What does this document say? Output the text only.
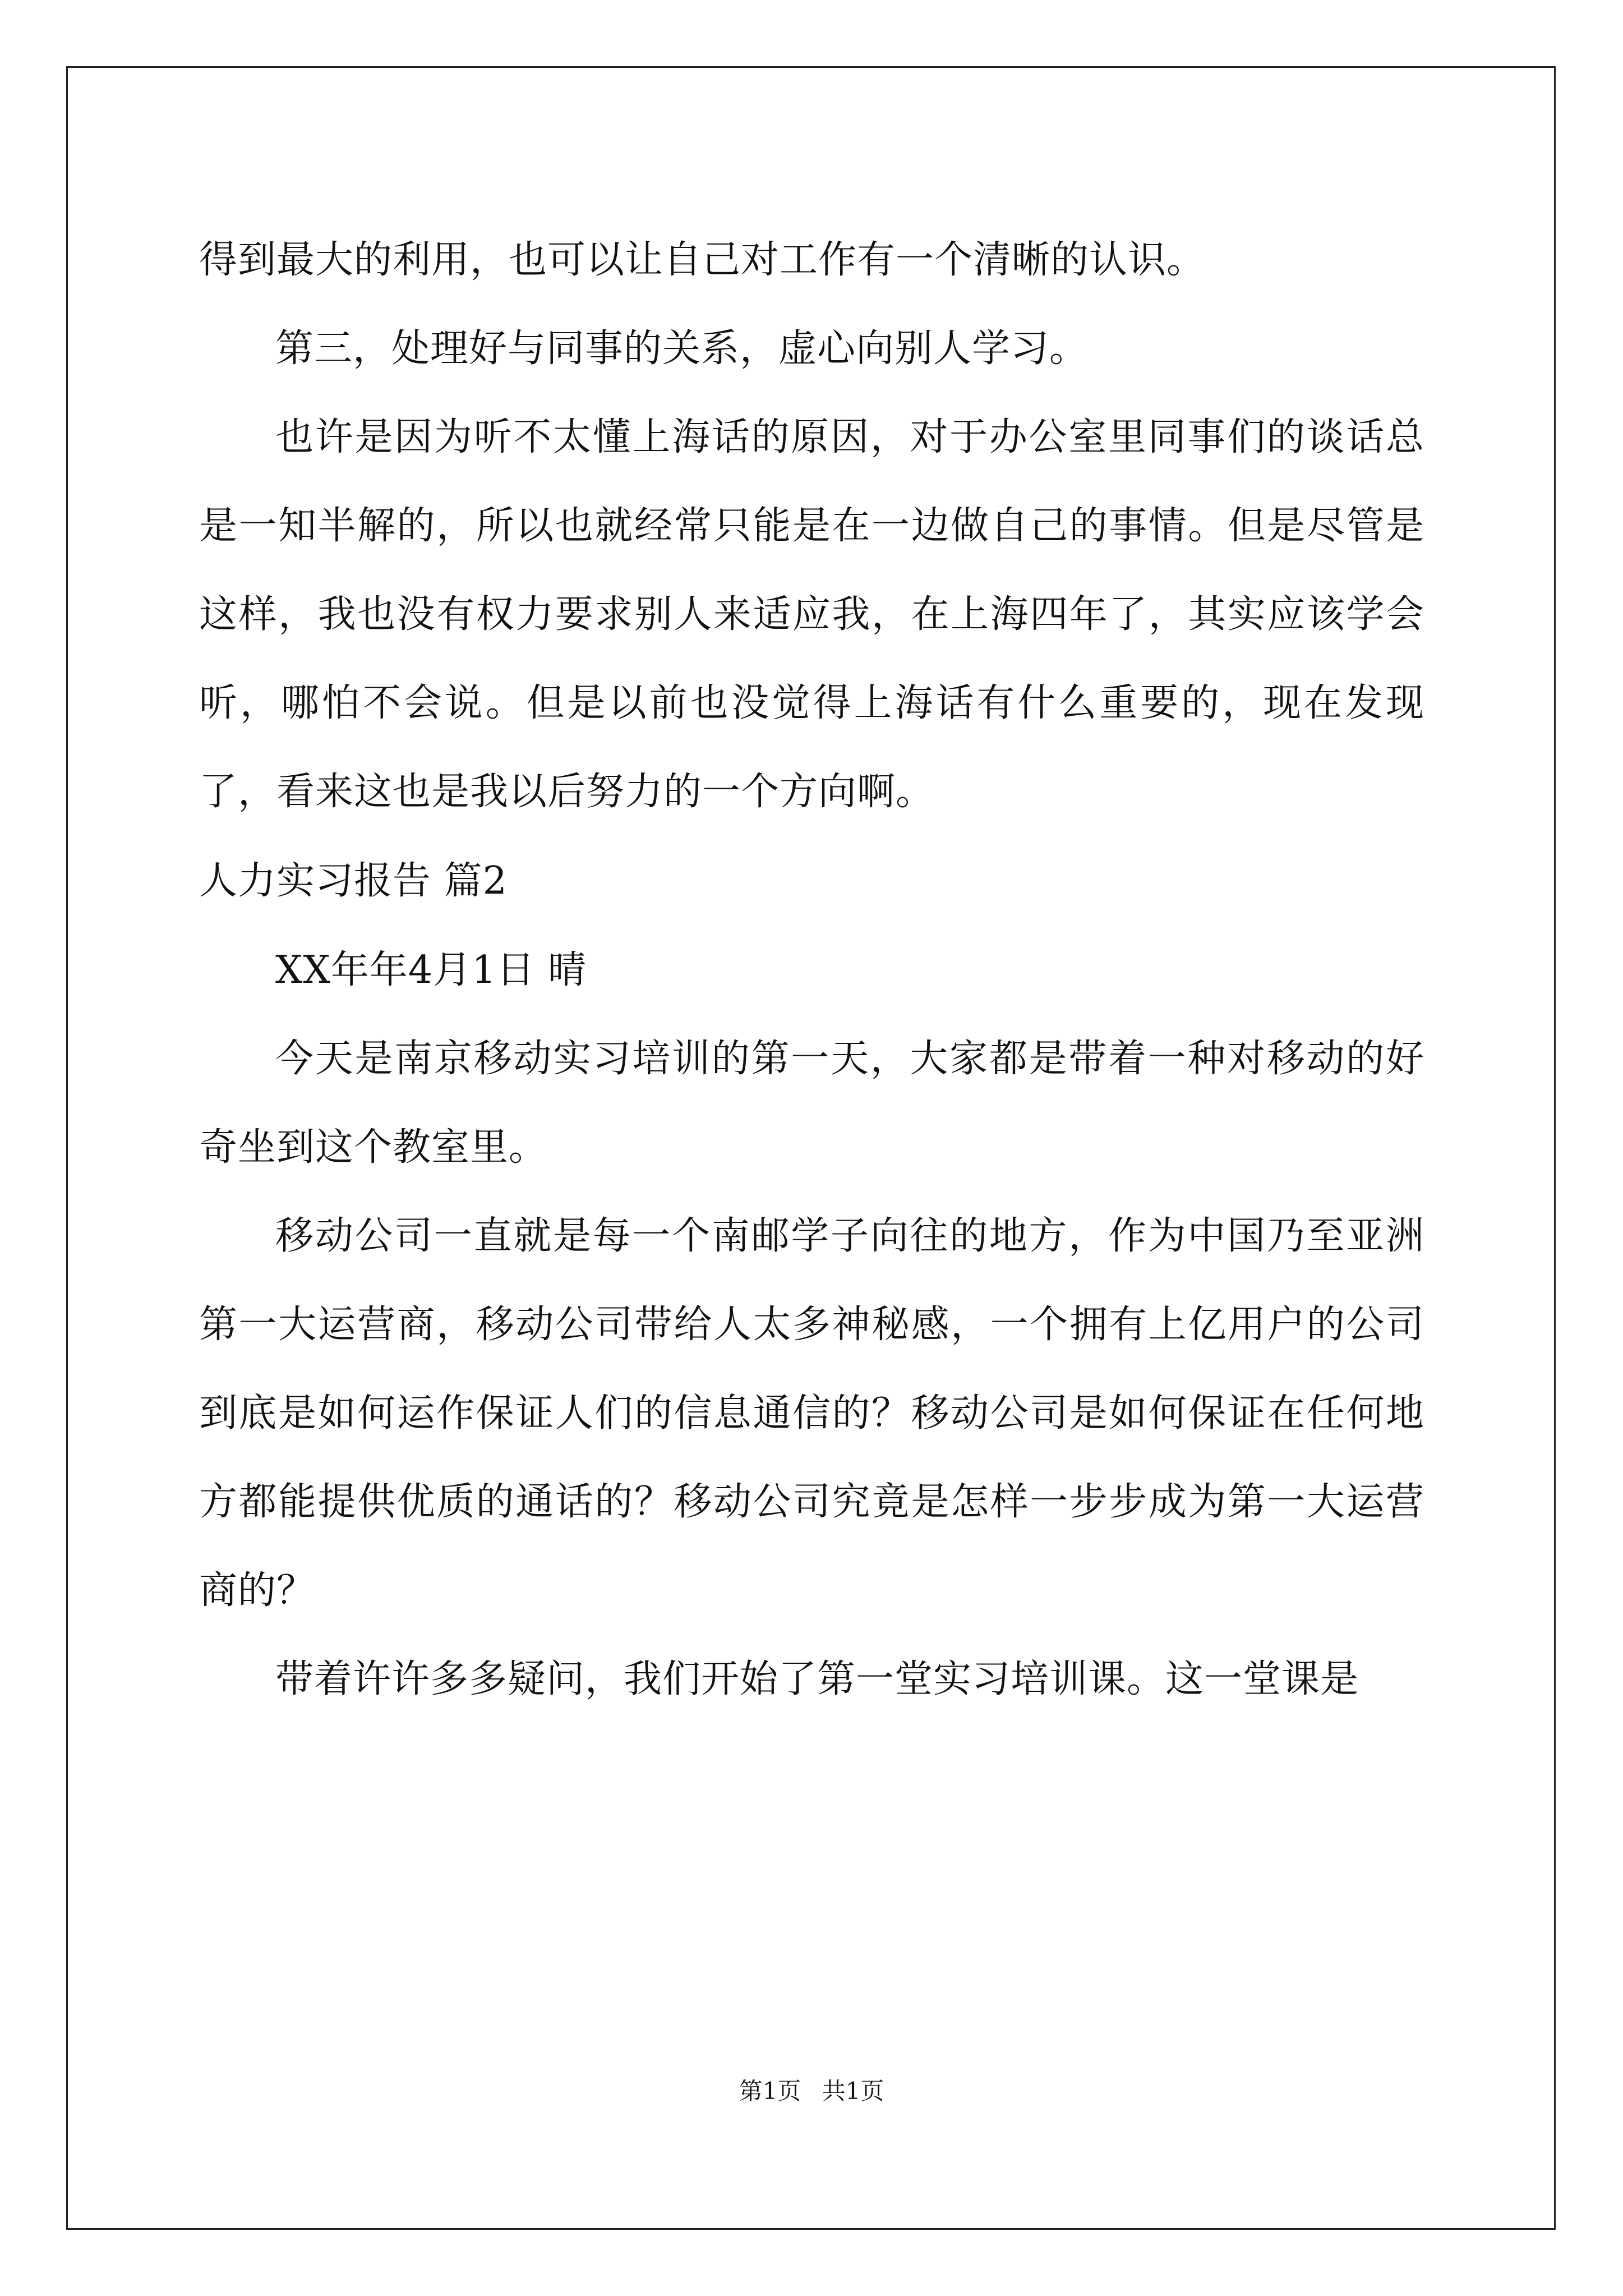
得到最大的利用，也可以让自己对工作有一个清晰的认识。

第三，处理好与同事的关系，虚心向别人学习。

也许是因为听不太懂上海话的原因，对于办公室里同事们的谈话总是一知半解的，所以也就经常只能是在一边做自己的事情。但是尽管是这样，我也没有权力要求别人来适应我，在上海四年了，其实应该学会听，哪怕不会说。但是以前也没觉得上海话有什么重要的，现在发现了，看来这也是我以后努力的一个方向啊。

人力实习报告 篇2

XX年年4月1日 晴

今天是南京移动实习培训的第一天，大家都是带着一种对移动的好奇坐到这个教室里。

移动公司一直就是每一个南邮学子向往的地方，作为中国乃至亚洲第一大运营商，移动公司带给人太多神秘感，一个拥有上亿用户的公司到底是如何运作保证人们的信息通信的？移动公司是如何保证在任何地方都能提供优质的通话的？移动公司究竟是怎样一步步成为第一大运营商的？

带着许许多多疑问，我们开始了第一堂实习培训课。这一堂课是

第1页 共1页
